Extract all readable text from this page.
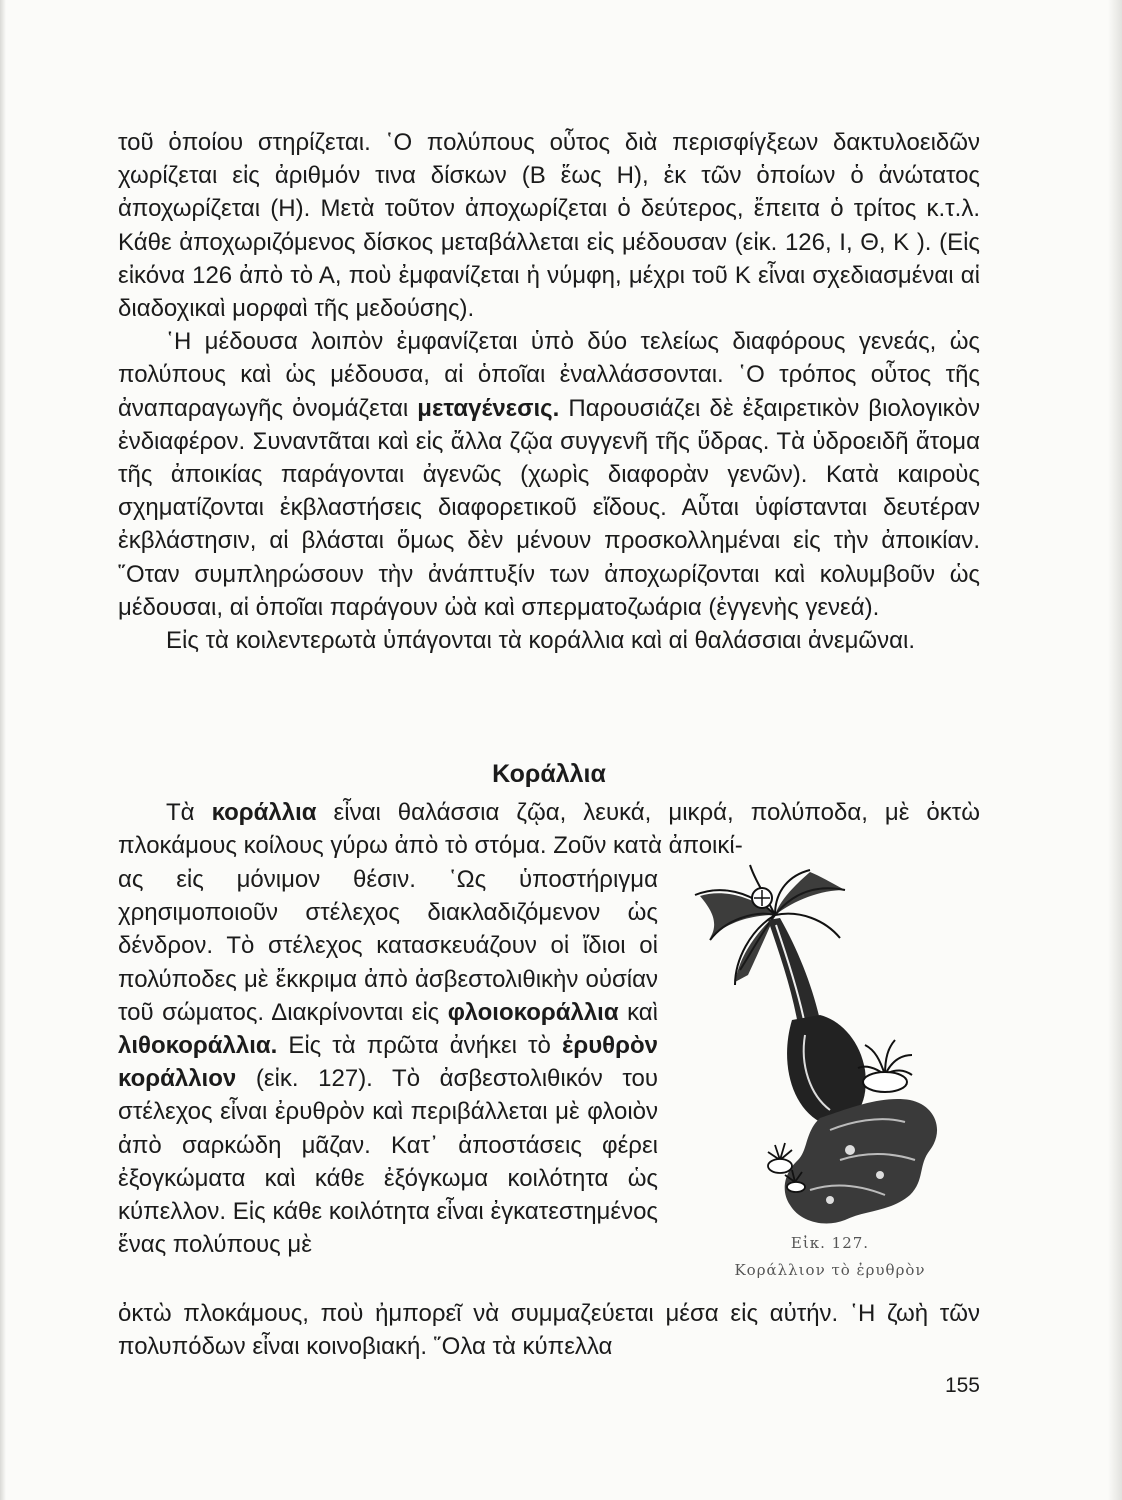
τοῦ ὁποίου στηρίζεται. ῾Ο πολύπους οὗτος διὰ περισφίγξεων δακτυλοειδῶν χωρίζεται εἰς ἀριθμόν τινα δίσκων (Β ἕως Η), ἐκ τῶν ὁποίων ὁ ἀνώτατος ἀποχωρίζεται (Η). Μετὰ τοῦτον ἀποχωρίζεται ὁ δεύτερος, ἔπειτα ὁ τρίτος κ.τ.λ. Κάθε ἀποχωριζόμενος δίσκος μεταβάλλεται εἰς μέδουσαν (εἰκ. 126, Ι, Θ, Κ ). (Εἰς εἰκόνα 126 ἀπὸ τὸ Α, ποὺ ἐμφανίζεται ἡ νύμφη, μέχρι τοῦ Κ εἶναι σχεδιασμέναι αἱ διαδοχικαὶ μορφαὶ τῆς μεδούσης).

῾Η μέδουσα λοιπὸν ἐμφανίζεται ὑπὸ δύο τελείως διαφόρους γενεάς, ὡς πολύπους καὶ ὡς μέδουσα, αἱ ὁποῖαι ἐναλλάσσονται. ῾Ο τρόπος οὗτος τῆς ἀναπαραγωγῆς ὀνομάζεται μεταγένεσις. Παρουσιάζει δὲ ἐξαιρετικὸν βιολογικὸν ἐνδιαφέρον. Συναντᾶται καὶ εἰς ἄλλα ζῷα συγγενῆ τῆς ὕδρας. Τὰ ὑδροειδῆ ἄτομα τῆς ἀποικίας παράγονται ἀγενῶς (χωρὶς διαφορὰν γενῶν). Κατὰ καιροὺς σχηματίζονται ἐκβλαστήσεις διαφορετικοῦ εἴδους. Αὗται ὑφίστανται δευτέραν ἐκβλάστησιν, αἱ βλάσται ὅμως δὲν μένουν προσκολλημέναι εἰς τὴν ἀποικίαν. ῞Οταν συμπληρώσουν τὴν ἀνάπτυξίν των ἀποχωρίζονται καὶ κολυμβοῦν ὡς μέδουσαι, αἱ ὁποῖαι παράγουν ὠὰ καὶ σπερματοζωάρια (ἐγγενὴς γενεά).

Εἰς τὰ κοιλεντερωτὰ ὑπάγονται τὰ κοράλλια καὶ αἱ θαλάσσιαι ἀνεμῶναι.

Κοράλλια

Τὰ κοράλλια εἶναι θαλάσσια ζῷα, λευκά, μικρά, πολύποδα, μὲ ὀκτὼ πλοκάμους κοίλους γύρω ἀπὸ τὸ στόμα. Ζοῦν κατὰ ἀποικί-

ας εἰς μόνιμον θέσιν. ῾Ως ὑποστήριγμα χρησιμοποιοῦν στέλεχος διακλαδιζόμενον ὡς δένδρον. Τὸ στέλεχος κατασκευάζουν οἱ ἴδιοι οἱ πολύποδες μὲ ἔκκριμα ἀπὸ ἀσβεστολιθικὴν οὐσίαν τοῦ σώματος. Διακρίνονται εἰς φλοιοκοράλλια καὶ λιθοκοράλλια. Εἰς τὰ πρῶτα ἀνήκει τὸ ἐρυθρὸν κοράλλιον (εἰκ. 127). Τὸ ἀσβεστολιθικόν του στέλεχος εἶναι ἐρυθρὸν καὶ περιβάλλεται μὲ φλοιὸν ἀπὸ σαρκώδη μᾶζαν. Κατ᾽ ἀποστάσεις φέρει ἐξογκώματα καὶ κάθε ἐξόγκωμα κοιλότητα ὡς κύπελλον. Εἰς κάθε κοιλότητα εἶναι ἐγκατεστημένος ἕνας πολύπους μὲ	Εἰκ. 127.
Κοράλλιον τὸ ἐρυθρὸν

ὀκτὼ πλοκάμους, ποὺ ἠμπορεῖ νὰ συμμαζεύεται μέσα εἰς αὐτήν. ῾Η ζωὴ τῶν πολυπόδων εἶναι κοινοβιακή. ῞Ολα τὰ κύπελλα

155
